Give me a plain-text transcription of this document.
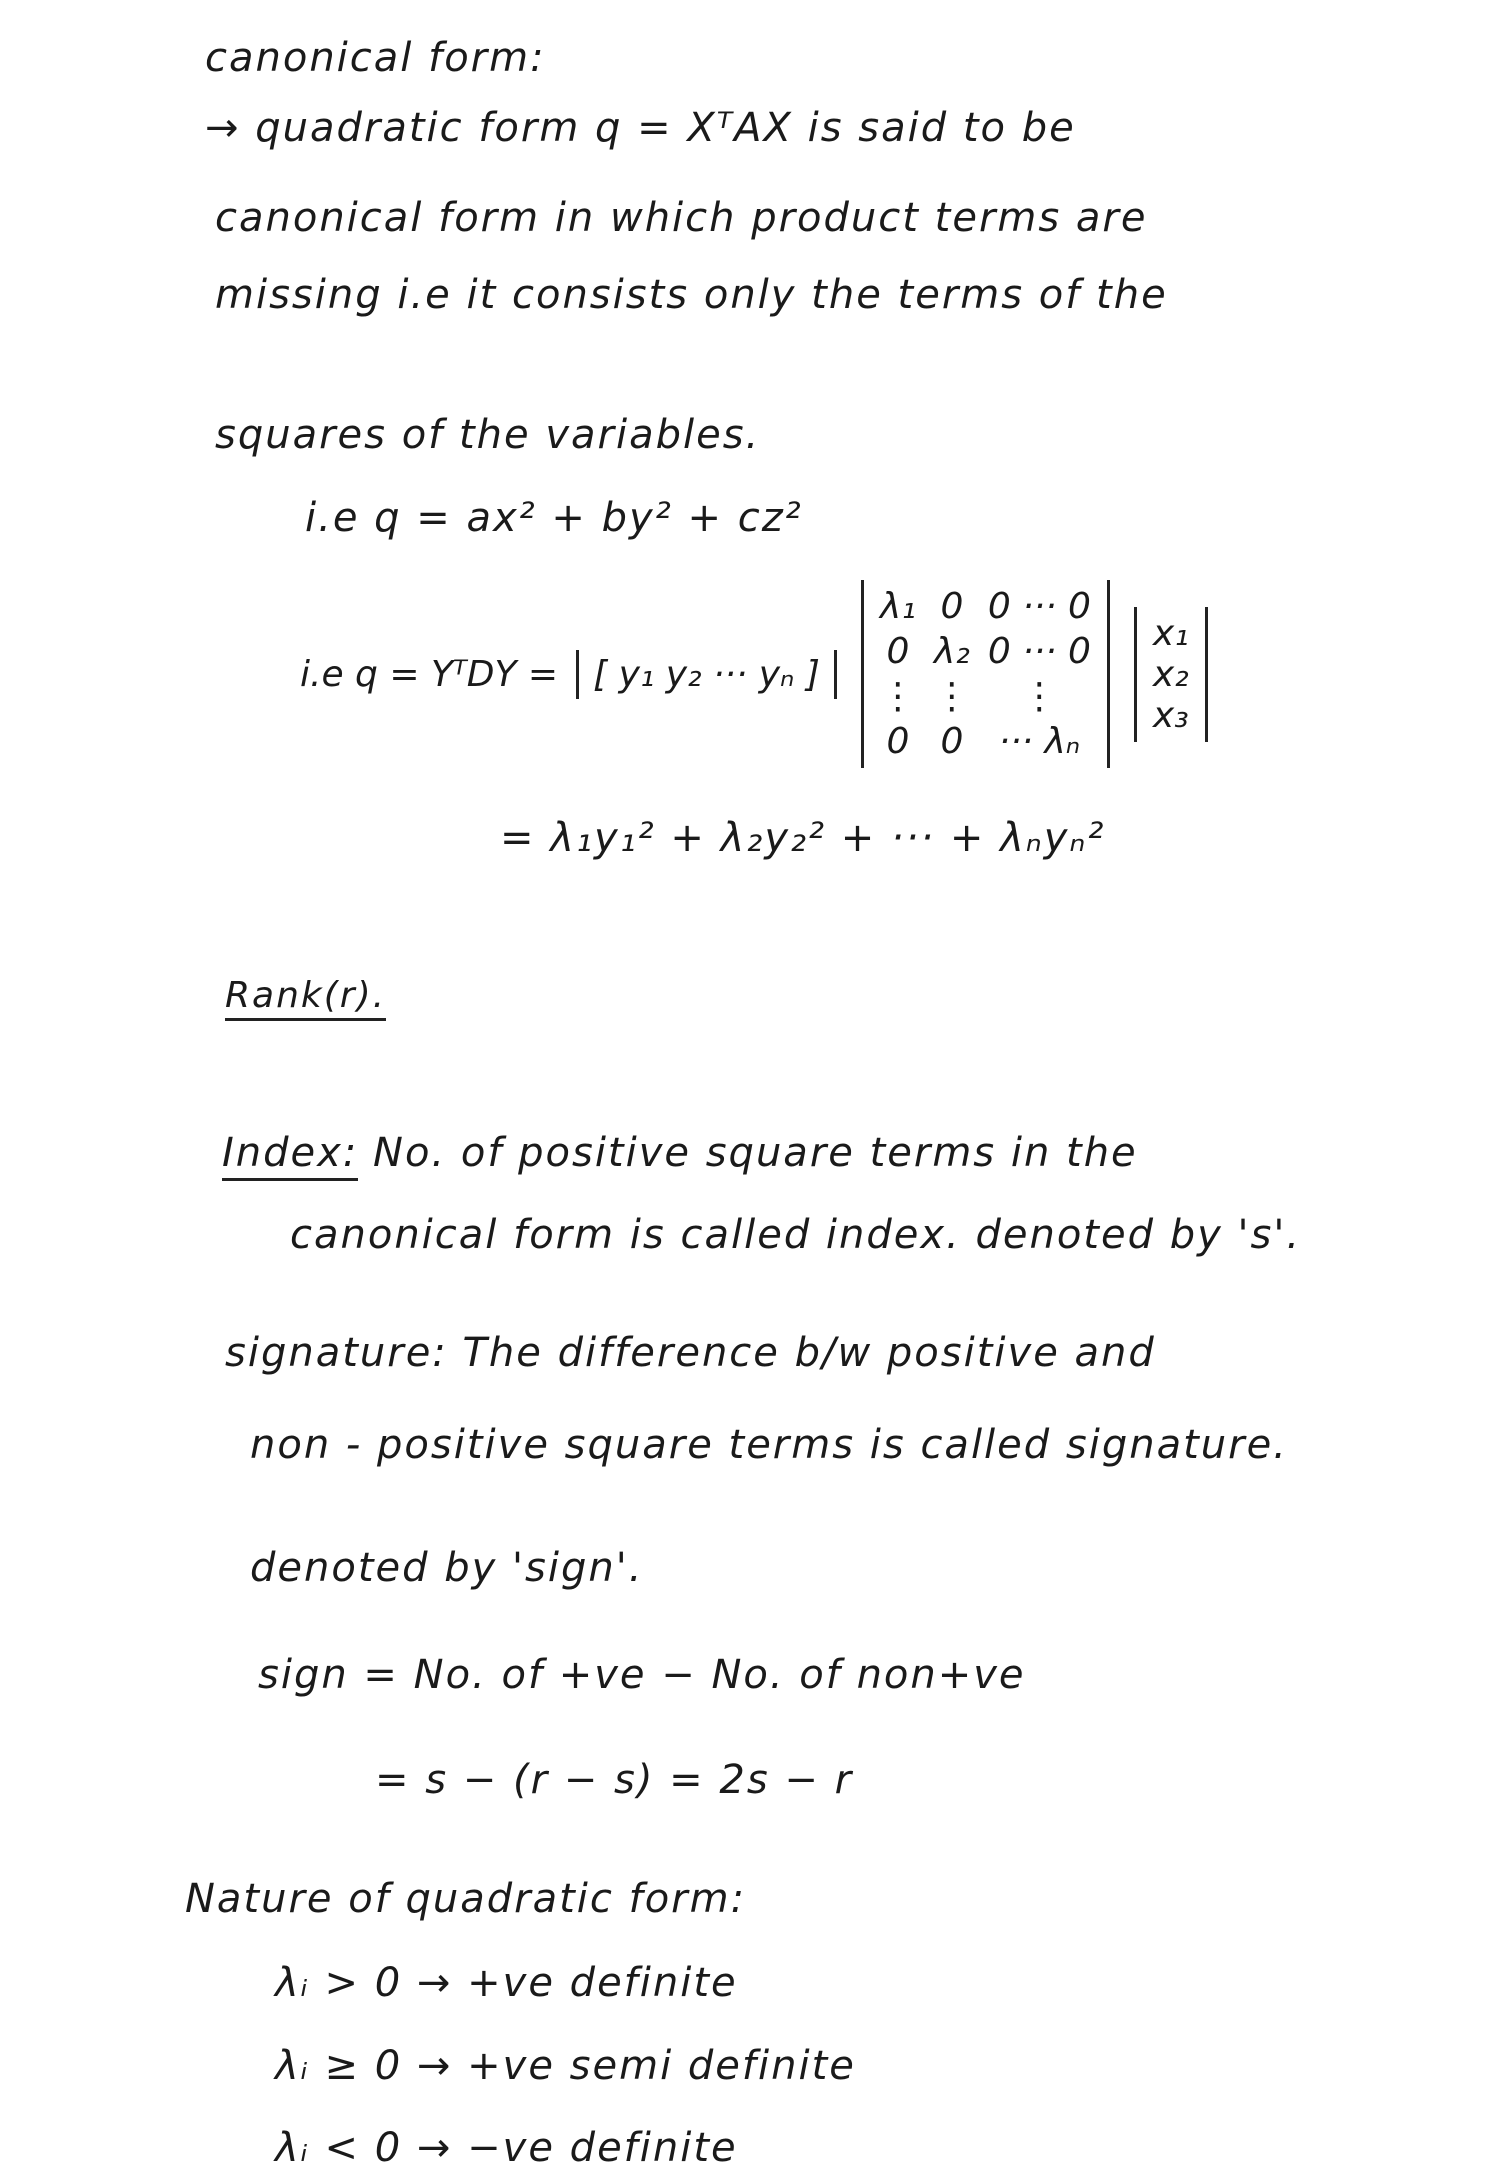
canonical form:
→ quadratic form q = XᵀAX is said to be
canonical form in which product terms are
missing i.e it consists only the terms of the
squares of the variables.
i.e q = ax² + by² + cz²
i.e q = YᵀDY = [ y₁ y₂ ··· yₙ ]
λ₁ 0 0 ··· 0
0 λ₂ 0 ··· 0
⋮ ⋮	⋮
0 0 ··· λₙ
x₁
x₂
x₃
= λ₁y₁² + λ₂y₂² + ··· + λₙyₙ²
Rank(r).
Index: No. of positive square terms in the
canonical form is called index. denoted by 's'.
signature: The difference b/w positive and
non - positive square terms is called signature.
denoted by 'sign'.
sign = No. of +ve − No. of non+ve
= s − (r − s) = 2s − r
Nature of quadratic form:
λᵢ > 0 → +ve definite
λᵢ ≥ 0 → +ve semi definite
λᵢ < 0 → −ve definite
